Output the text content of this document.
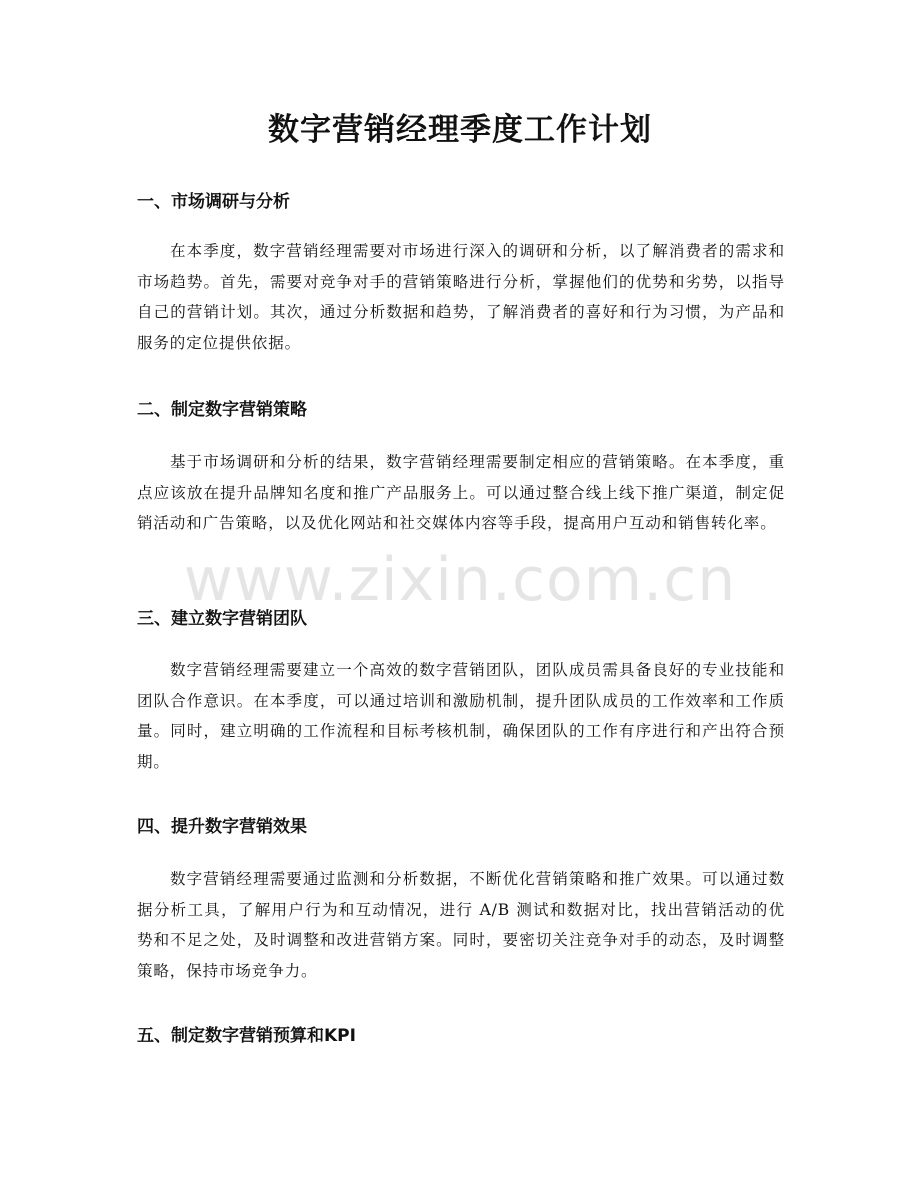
数字营销经理季度工作计划
一、市场调研与分析

在本季度，数字营销经理需要对市场进行深入的调研和分析，以了解消费者的需求和市场趋势。首先，需要对竞争对手的营销策略进行分析，掌握他们的优势和劣势，以指导自己的营销计划。其次，通过分析数据和趋势，了解消费者的喜好和行为习惯，为产品和服务的定位提供依据。

二、制定数字营销策略

基于市场调研和分析的结果，数字营销经理需要制定相应的营销策略。在本季度，重点应该放在提升品牌知名度和推广产品服务上。可以通过整合线上线下推广渠道，制定促销活动和广告策略，以及优化网站和社交媒体内容等手段，提高用户互动和销售转化率。

三、建立数字营销团队

数字营销经理需要建立一个高效的数字营销团队，团队成员需具备良好的专业技能和团队合作意识。在本季度，可以通过培训和激励机制，提升团队成员的工作效率和工作质量。同时，建立明确的工作流程和目标考核机制，确保团队的工作有序进行和产出符合预期。

四、提升数字营销效果

数字营销经理需要通过监测和分析数据，不断优化营销策略和推广效果。可以通过数据分析工具，了解用户行为和互动情况，进行 A/B 测试和数据对比，找出营销活动的优势和不足之处，及时调整和改进营销方案。同时，要密切关注竞争对手的动态，及时调整策略，保持市场竞争力。

五、制定数字营销预算和KPI
www.zixin.com.cn
